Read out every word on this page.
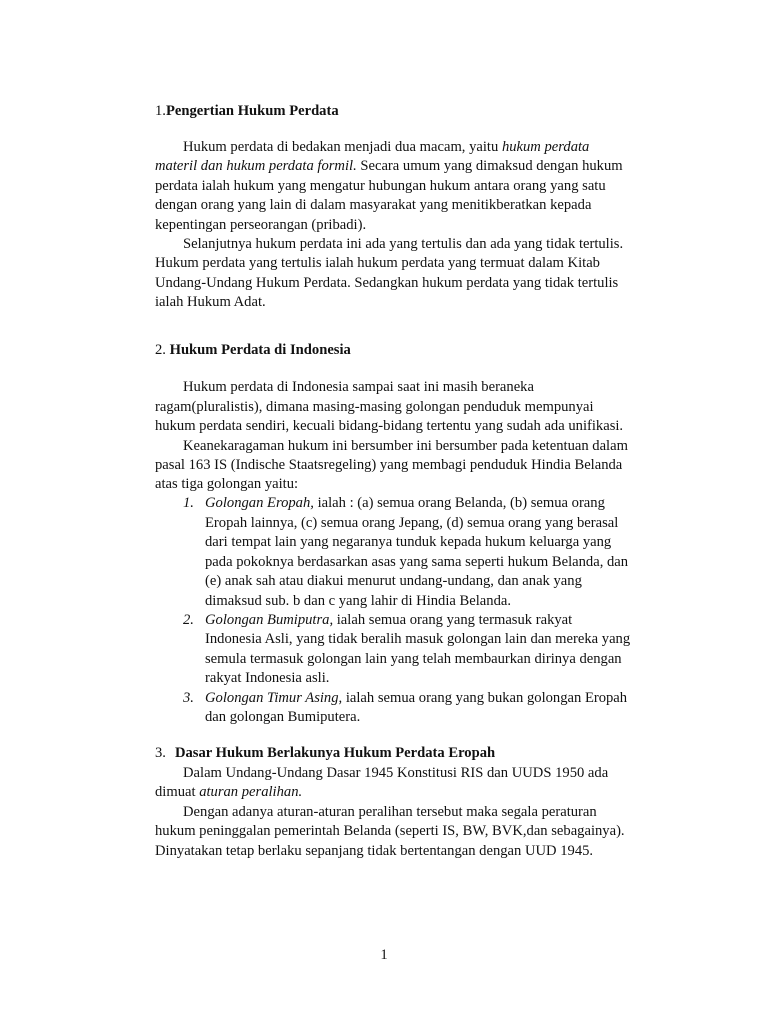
1.Pengertian Hukum Perdata
Hukum perdata di bedakan menjadi dua macam, yaitu hukum perdata
materil dan hukum perdata formil. Secara umum yang dimaksud dengan hukum
perdata ialah hukum yang mengatur hubungan hukum antara orang yang satu
dengan orang yang lain di dalam masyarakat yang menitikberatkan kepada
kepentingan perseorangan (pribadi).
Selanjutnya hukum perdata ini ada yang tertulis dan ada yang tidak tertulis.
Hukum perdata yang tertulis ialah hukum perdata yang termuat dalam Kitab
Undang-Undang Hukum Perdata. Sedangkan hukum perdata yang tidak tertulis
ialah Hukum Adat.
2. Hukum Perdata di Indonesia
Hukum perdata di Indonesia sampai saat ini masih beraneka
ragam(pluralistis), dimana masing-masing golongan penduduk mempunyai
hukum perdata sendiri, kecuali bidang-bidang tertentu yang sudah ada unifikasi.
Keanekaragaman hukum ini bersumber ini bersumber pada ketentuan dalam
pasal 163 IS (Indische Staatsregeling) yang membagi penduduk Hindia Belanda
atas tiga golongan yaitu:
1. Golongan Eropah, ialah : (a) semua orang Belanda, (b) semua orang
Eropah lainnya, (c) semua orang Jepang, (d) semua orang yang berasal
dari tempat lain yang negaranya tunduk kepada hukum keluarga yang
pada pokoknya berdasarkan asas yang sama seperti hukum Belanda, dan
(e) anak sah atau diakui menurut undang-undang, dan anak yang
dimaksud sub. b dan c yang lahir di Hindia Belanda.
2. Golongan Bumiputra, ialah semua orang yang termasuk rakyat
Indonesia Asli, yang tidak beralih masuk golongan lain dan mereka yang
semula termasuk golongan lain yang telah membaurkan dirinya dengan
rakyat Indonesia asli.
3. Golongan Timur Asing, ialah semua orang yang bukan golongan Eropah
dan golongan Bumiputera.
3. Dasar Hukum Berlakunya Hukum Perdata Eropah
Dalam Undang-Undang Dasar 1945 Konstitusi RIS dan UUDS 1950 ada
dimuat aturan peralihan.
Dengan adanya aturan-aturan peralihan tersebut maka segala peraturan
hukum peninggalan pemerintah Belanda (seperti IS, BW, BVK,dan sebagainya).
Dinyatakan tetap berlaku sepanjang tidak bertentangan dengan UUD 1945.
1
